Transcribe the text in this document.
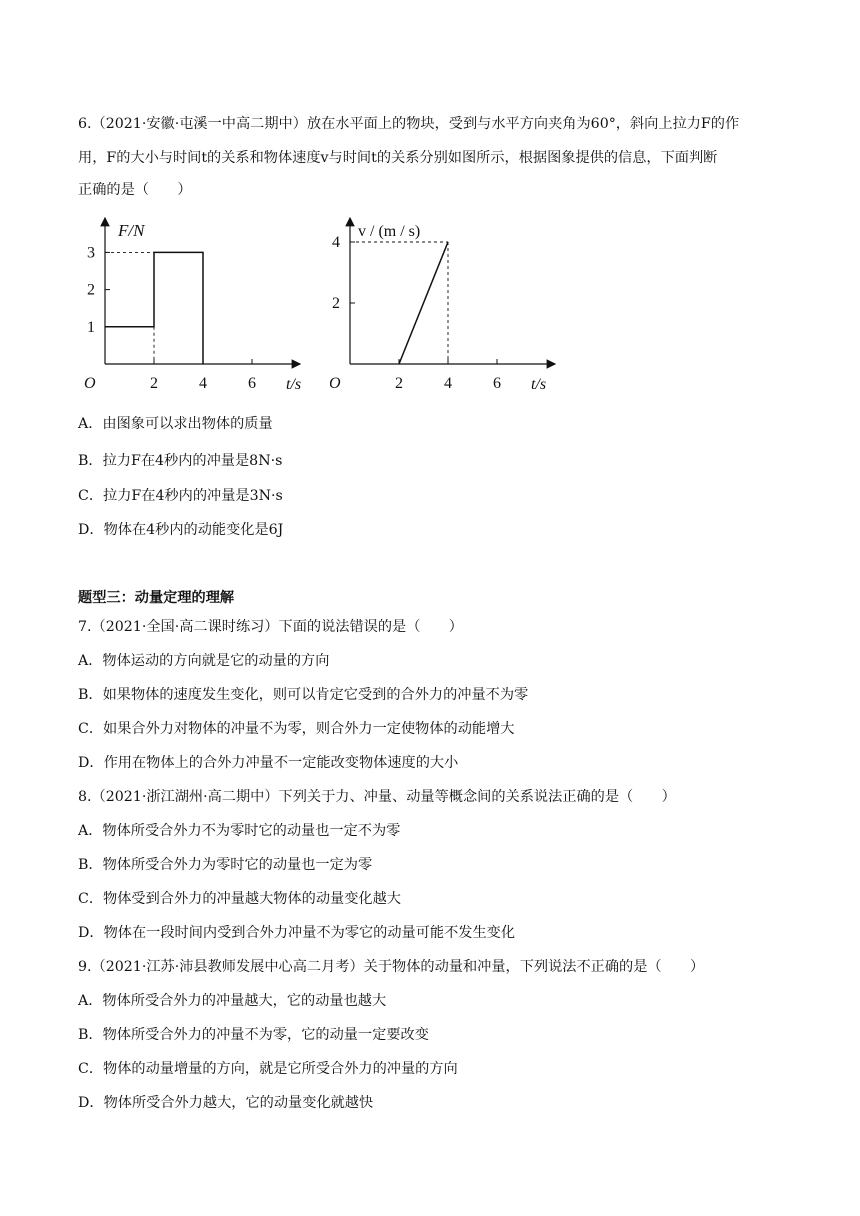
6.（2021·安徽·屯溪一中高二期中）放在水平面上的物块，受到与水平方向夹角为60°，斜向上拉力F的作
用，F的大小与时间t的关系和物体速度v与时间t的关系分别如图所示，根据图象提供的信息，下面判断
正确的是（　　）
2	4	6
1
2
3
F/N
t/s
O	2	4	6
2
4
v / (m / s)
t/s
O
A．由图象可以求出物体的质量
B．拉力F在4秒内的冲量是8N·s
C．拉力F在4秒内的冲量是3N·s
D．物体在4秒内的动能变化是6J
题型三：动量定理的理解
7.（2021·全国·高二课时练习）下面的说法错误的是（　　）
A．物体运动的方向就是它的动量的方向
B．如果物体的速度发生变化，则可以肯定它受到的合外力的冲量不为零
C．如果合外力对物体的冲量不为零，则合外力一定使物体的动能增大
D．作用在物体上的合外力冲量不一定能改变物体速度的大小
8.（2021·浙江湖州·高二期中）下列关于力、冲量、动量等概念间的关系说法正确的是（　　）
A．物体所受合外力不为零时它的动量也一定不为零
B．物体所受合外力为零时它的动量也一定为零
C．物体受到合外力的冲量越大物体的动量变化越大
D．物体在一段时间内受到合外力冲量不为零它的动量可能不发生变化
9.（2021·江苏·沛县教师发展中心高二月考）关于物体的动量和冲量，下列说法不正确的是（　　）
A．物体所受合外力的冲量越大，它的动量也越大
B．物体所受合外力的冲量不为零，它的动量一定要改变
C．物体的动量增量的方向，就是它所受合外力的冲量的方向
D．物体所受合外力越大，它的动量变化就越快
